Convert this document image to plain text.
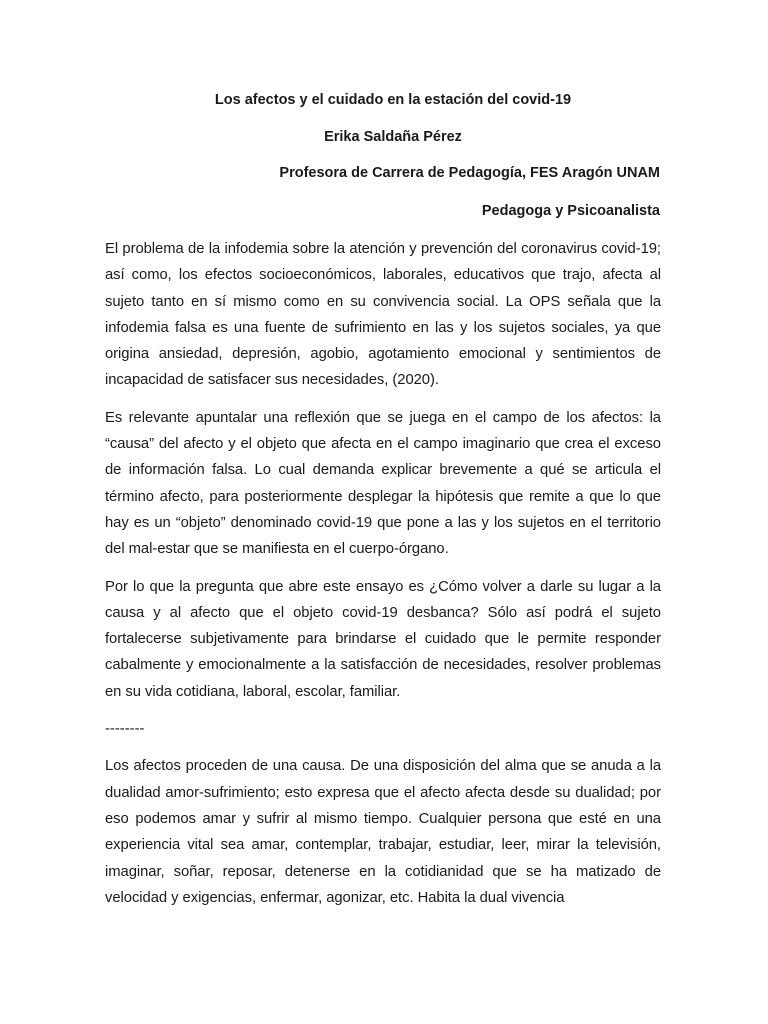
Los afectos y el cuidado en la estación del covid-19
Erika Saldaña Pérez
Profesora de Carrera de Pedagogía, FES Aragón UNAM
Pedagoga y Psicoanalista

El problema de la infodemia sobre la atención y prevención del coronavirus covid-19; así como, los efectos socioeconómicos, laborales, educativos que trajo, afecta al sujeto tanto en sí mismo como en su convivencia social. La OPS señala que la infodemia falsa es una fuente de sufrimiento en las y los sujetos sociales, ya que origina ansiedad, depresión, agobio, agotamiento emocional y sentimientos de incapacidad de satisfacer sus necesidades, (2020).

Es relevante apuntalar una reflexión que se juega en el campo de los afectos: la “causa” del afecto y el objeto que afecta en el campo imaginario que crea el exceso de información falsa. Lo cual demanda explicar brevemente a qué se articula el término afecto, para posteriormente desplegar la hipótesis que remite a que lo que hay es un “objeto” denominado covid-19 que pone a las y los sujetos en el territorio del mal-estar que se manifiesta en el cuerpo-órgano.

Por lo que la pregunta que abre este ensayo es ¿Cómo volver a darle su lugar a la causa y al afecto que el objeto covid-19 desbanca? Sólo así podrá el sujeto fortalecerse subjetivamente para brindarse el cuidado que le permite responder cabalmente y emocionalmente a la satisfacción de necesidades, resolver problemas en su vida cotidiana, laboral, escolar, familiar.

--------

Los afectos proceden de una causa. De una disposición del alma que se anuda a la dualidad amor-sufrimiento; esto expresa que el afecto afecta desde su dualidad; por eso podemos amar y sufrir al mismo tiempo. Cualquier persona que esté en una experiencia vital sea amar, contemplar, trabajar, estudiar, leer, mirar la televisión, imaginar, soñar, reposar, detenerse en la cotidianidad que se ha matizado de velocidad y exigencias, enfermar, agonizar, etc. Habita la dual vivencia
